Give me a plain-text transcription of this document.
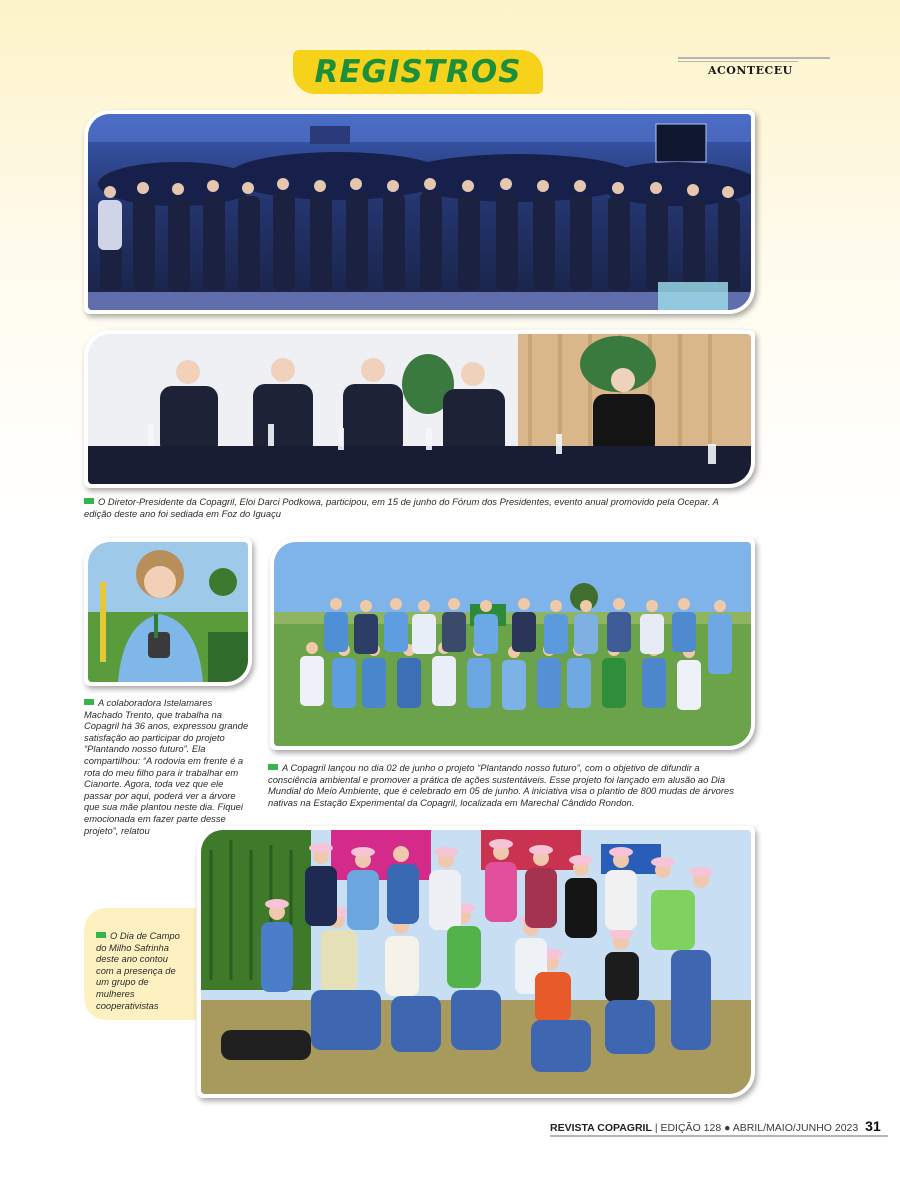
REGISTROS	ACONTECEU
O Diretor-Presidente da Copagril, Eloi Darci Podkowa, participou, em 15 de junho do Fórum dos Presidentes, evento anual promovido pela Ocepar. A edição deste ano foi sediada em Foz do Iguaçu
A colaboradora Istelamares Machado Trento, que trabalha na Copagril há 36 anos, expressou grande satisfação ao participar do projeto “Plantando nosso futuro”. Ela compartilhou: “A rodovia em frente é a rota do meu filho para ir trabalhar em Cianorte. Agora, toda vez que ele passar por aqui, poderá ver a árvore que sua mãe plantou neste dia. Fiquei emocionada em fazer parte desse projeto”, relatou
A Copagril lançou no dia 02 de junho o projeto “Plantando nosso futuro”, com o objetivo de difundir a consciência ambiental e promover a prática de ações sustentáveis. Esse projeto foi lançado em alusão ao Dia Mundial do Meio Ambiente, que é celebrado em 05 de junho. A iniciativa visa o plantio de 800 mudas de árvores nativas na Estação Experimental da Copagril, localizada em Marechal Cândido Rondon.
O Dia de Campo do Milho Safrinha deste ano contou com a presença de um grupo de mulheres cooperativistas
REVISTA COPAGRIL | EDIÇÃO 128 ● ABRIL/MAIO/JUNHO 2023 31
